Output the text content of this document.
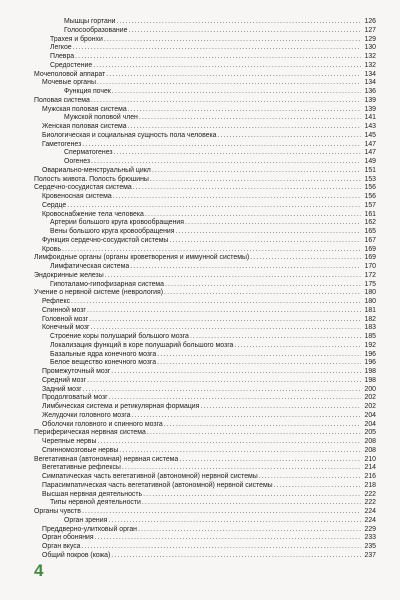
Мышцы гортани . . .	126
Голосообразование . . .	127
Трахея и бронхи . . .	129
Легкое . . .	130
Плевра . . .	132
Средостение . . .	132
Мочеполовой аппарат . . .	134
Мочевые органы . . .	134
Функция почек . . .	136
Половая система . . .	139
Мужская половая система . . .	139
Мужской половой член . . .	141
Женская половая система . . .	143
Биологическая и социальная сущность пола человека . . .	145
Гаметогенез . . .	147
Сперматогенез . . .	147
Оогенез . . .	149
Овариально-менструальный цикл . . .	151
Полость живота. Полость брюшины . . .	153
Сердечно-сосудистая система . . .	156
Кровеносная система . . .	156
Сердце . . .	157
Кровоснабжение тела человека . . .	161
Артерии большого круга кровообращения . . .	162
Вены большого круга кровообращения . . .	165
Функция сердечно-сосудистой системы . . .	167
Кровь . . .	169
Лимфоидные органы (органы кроветворения и иммунной системы) . . .	169
Лимфатическая система . . .	170
Эндокринные железы . . .	172
Гипоталамо-гипофизарная система . . .	175
Учение о нервной системе (неврология) . . .	180
Рефлекс . . .	180
Спинной мозг . . .	181
Головной мозг . . .	182
Конечный мозг . . .	183
Строение коры полушарий большого мозга . . .	185
Локализация функций в коре полушарий большого мозга . . .	192
Базальные ядра конечного мозга . . .	196
Белое вещество конечного мозга . . .	196
Промежуточный мозг . . .	198
Средний мозг . . .	198
Задний мозг . . .	200
Продолговатый мозг . . .	202
Лимбическая система и ретикулярная формация . . .	202
Желудочки головного мозга . . .	204
Оболочки головного и спинного мозга . . .	204
Периферическая нервная система . . .	205
Черепные нервы . . .	208
Спинномозговые нервы . . .	208
Вегетативная (автономная) нервная система . . .	210
Вегетативные рефлексы . . .	214
Симпатическая часть вегетативной (автономной) нервной системы . . .	216
Парасимпатическая часть вегетативной (автономной) нервной системы . . .	218
Высшая нервная деятельность . . .	222
Типы нервной деятельности . . .	222
Органы чувств . . .	224
Орган зрения . . .	224
Преддверно-улитковый орган . . .	229
Орган обоняния . . .	233
Орган вкуса . . .	235
Общий покров (кожа) . . .	237
4
